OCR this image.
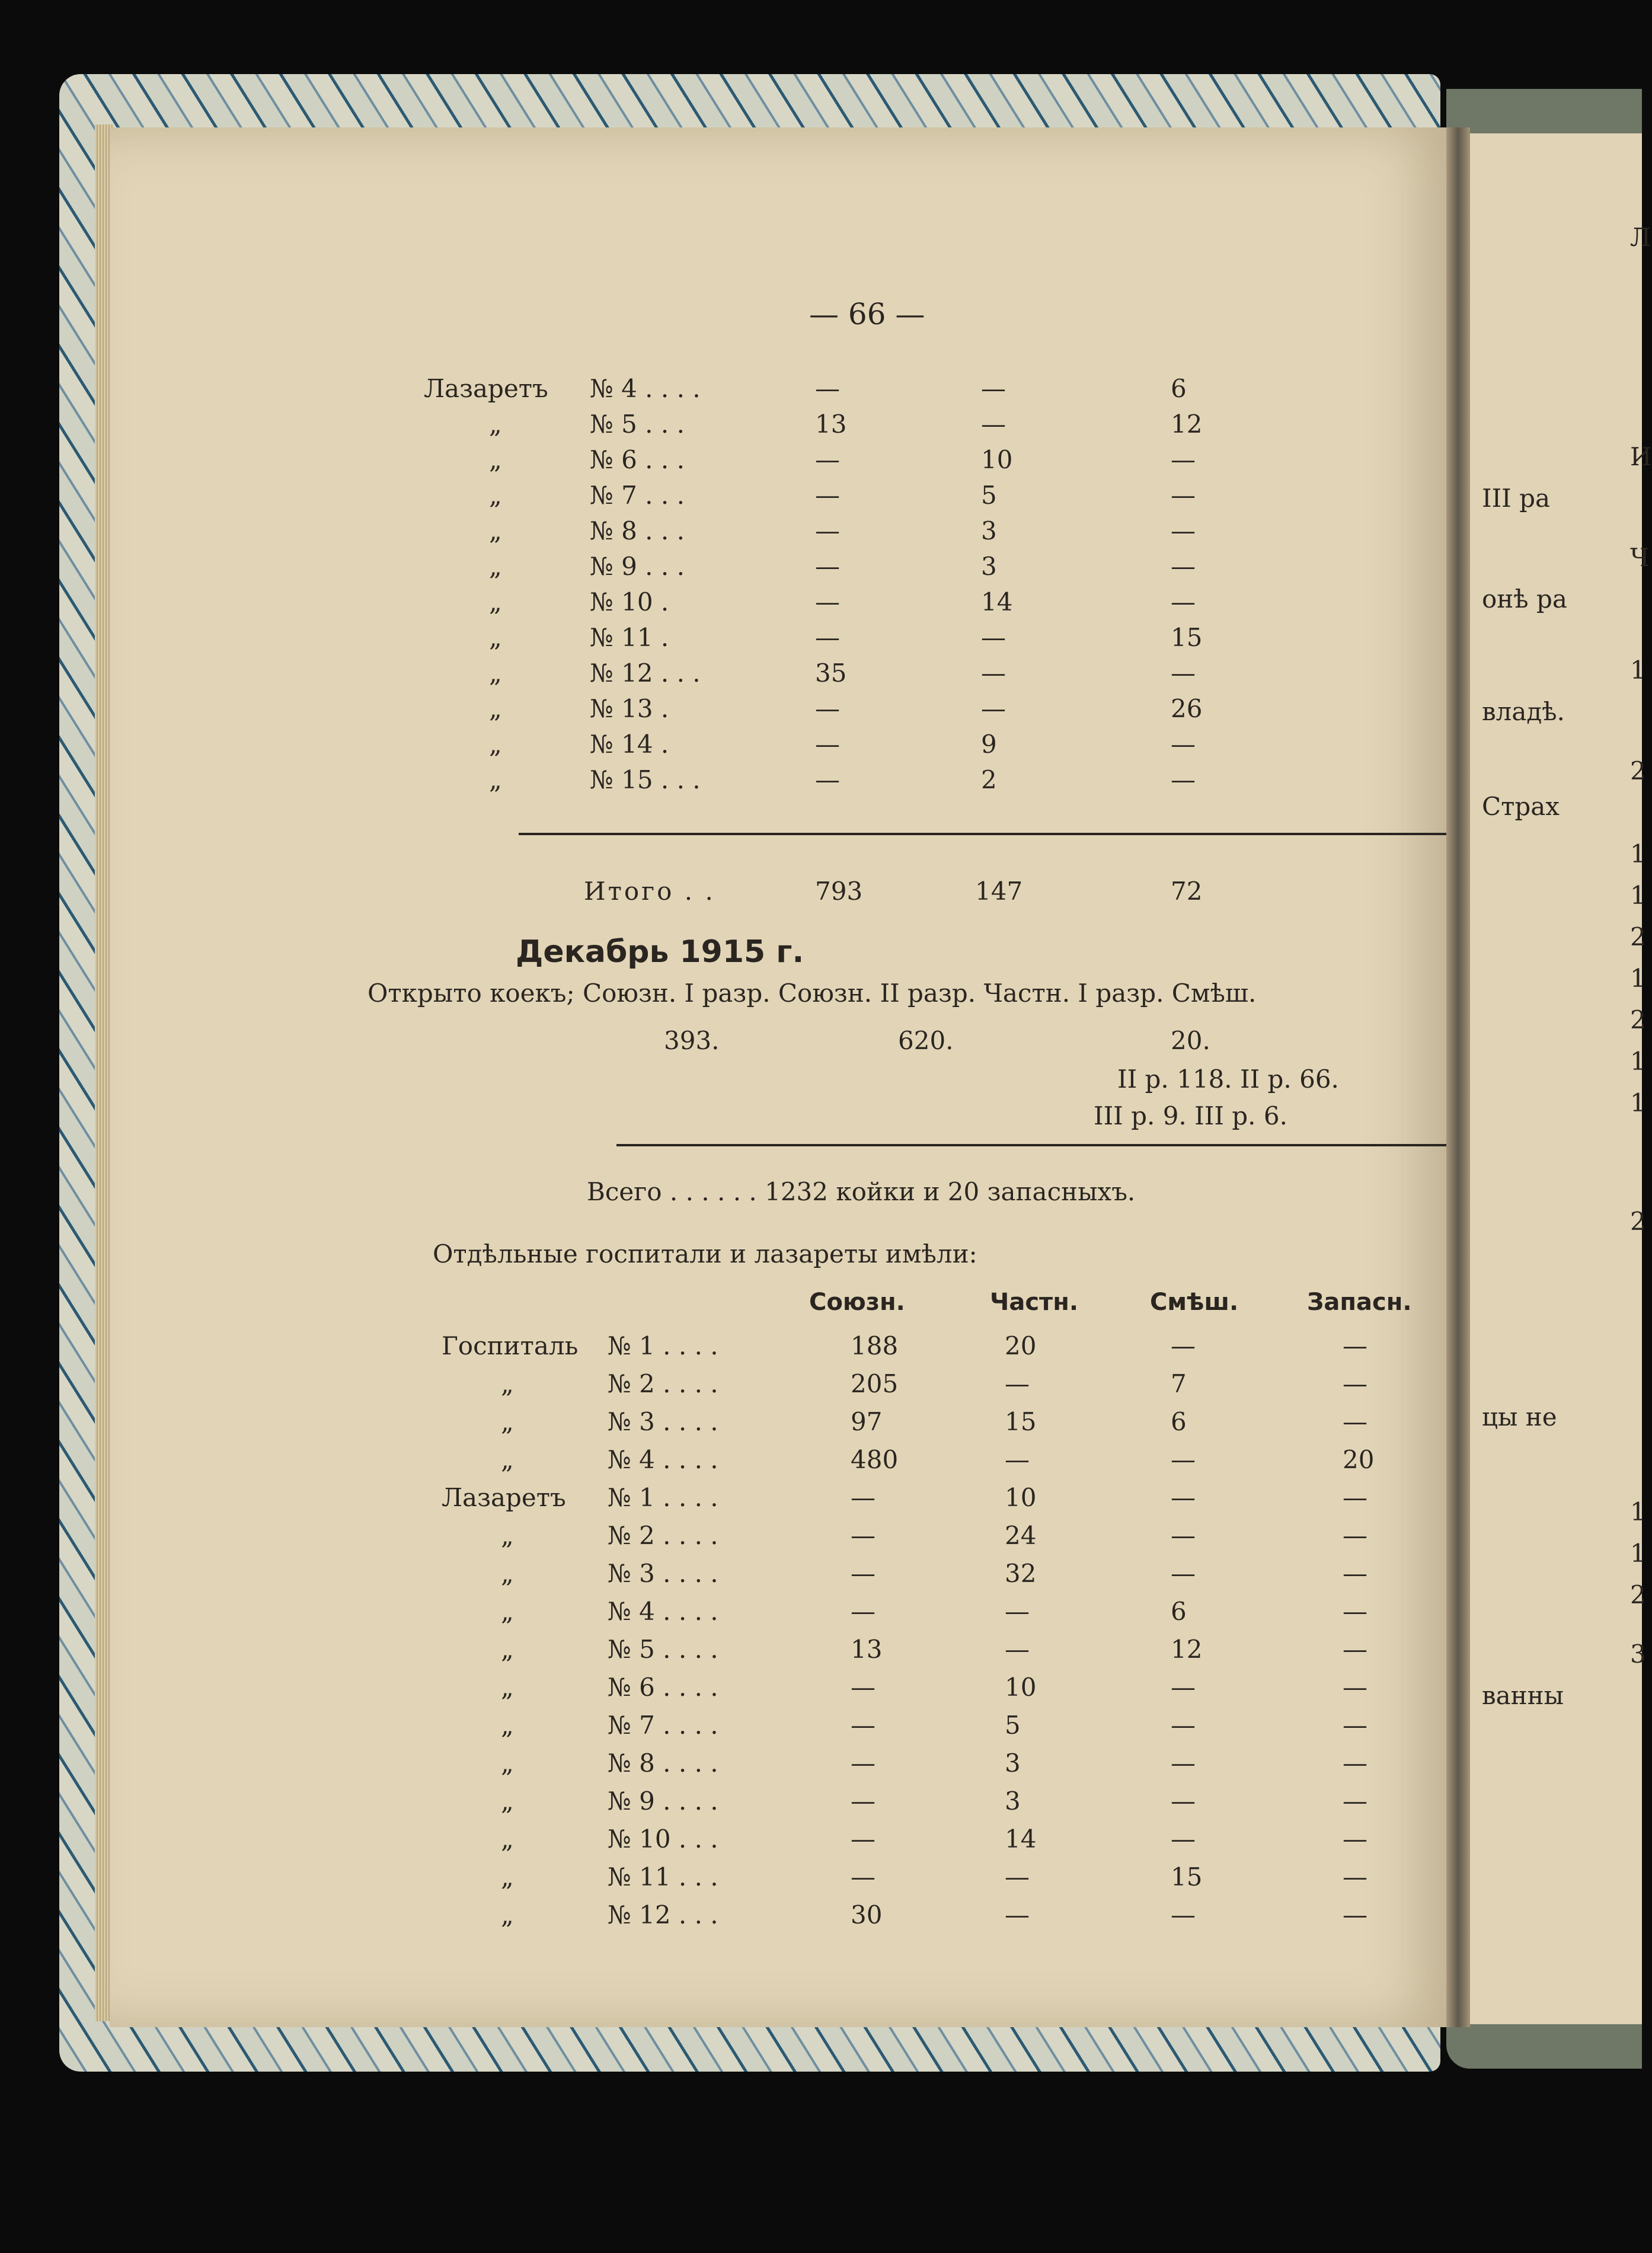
— 66 —
Лазаретъ № 4 . . . .	—	—	6
„	№ 5 . . .	13	—	12
„	№ 6 . . .	—	10	—
„	№ 7 . . .	—	5	—
„	№ 8 . . .	—	3	—
„	№ 9 . . .	—	3	—
„	№ 10 .	—	14	—
„	№ 11 .	—	—	15
„	№ 12 . . .	35	—	—
„	№ 13 .	—	—	26
„	№ 14 .	—	9	—
„	№ 15 . . .	—	2	—
Итого . .	793	147	72
Декабрь 1915 г.
Открыто коекъ; Союзн. I разр. Союзн. II разр. Частн. I разр. Смѣш.
393.	620.	20.
II р. 118. II р. 66.
III р. 9. III р. 6.
Всего . . . . . . 1232 койки и 20 запасныхъ.
Отдѣльные госпитали и лазареты имѣли:
Союзн.	Частн.	Смѣш.	Запасн.
Госпиталь № 1 . . . .	188	20	—	—
„	№ 2 . . . .	205	—	7	—
„	№ 3 . . . .	97	15	6	—
„	№ 4 . . . .	480	—	—	20
Лазаретъ № 1 . . . .	—	10	—	—
„	№ 2 . . . .	—	24	—	—
„	№ 3 . . . .	—	32	—	—
„	№ 4 . . . .	—	—	6	—
„	№ 5 . . . .	13	—	12	—
„	№ 6 . . . .	—	10	—	—
„	№ 7 . . . .	—	5	—	—
„	№ 8 . . . .	—	3	—	—
„	№ 9 . . . .	—	3	—	—
„	№ 10 . . .	—	14	—	—
„	№ 11 . . .	—	—	15	—
„	№ 12 . . .	30	—	—	—
Л
И
III ра
Ч
онѣ ра
1
владѣ.
2
Страх
1
1
2
1
2
1
1
2
цы не
1
1
2
3
ванны
